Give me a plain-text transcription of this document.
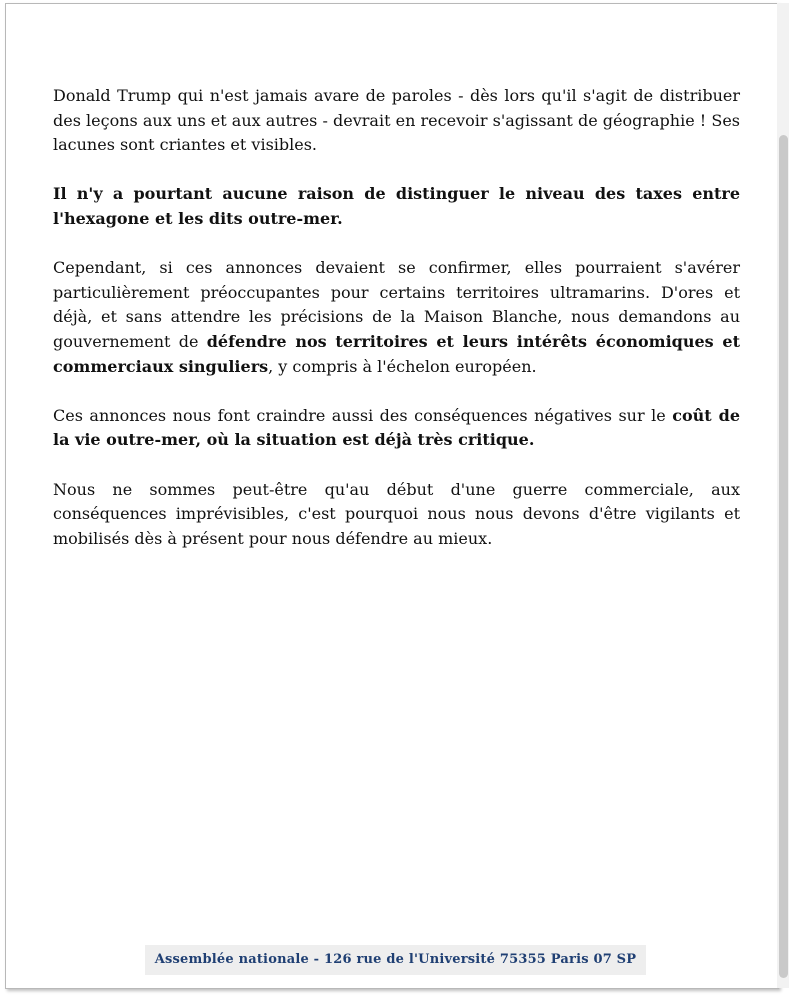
Donald Trump qui n'est jamais avare de paroles - dès lors qu'il s'agit de distribuer des leçons aux uns et aux autres - devrait en recevoir s'agissant de géographie ! Ses lacunes sont criantes et visibles.

Il n'y a pourtant aucune raison de distinguer le niveau des taxes entre l'hexagone et les dits outre-mer.

Cependant, si ces annonces devaient se confirmer, elles pourraient s'avérer particulièrement préoccupantes pour certains territoires ultramarins. D'ores et déjà, et sans attendre les précisions de la Maison Blanche, nous demandons au gouvernement de défendre nos territoires et leurs intérêts économiques et commerciaux singuliers, y compris à l'échelon européen.

Ces annonces nous font craindre aussi des conséquences négatives sur le coût de la vie outre-mer, où la situation est déjà très critique.

Nous ne sommes peut-être qu'au début d'une guerre commerciale, aux conséquences imprévisibles, c'est pourquoi nous nous devons d'être vigilants et mobilisés dès à présent pour nous défendre au mieux.

Assemblée nationale - 126 rue de l'Université 75355 Paris 07 SP
